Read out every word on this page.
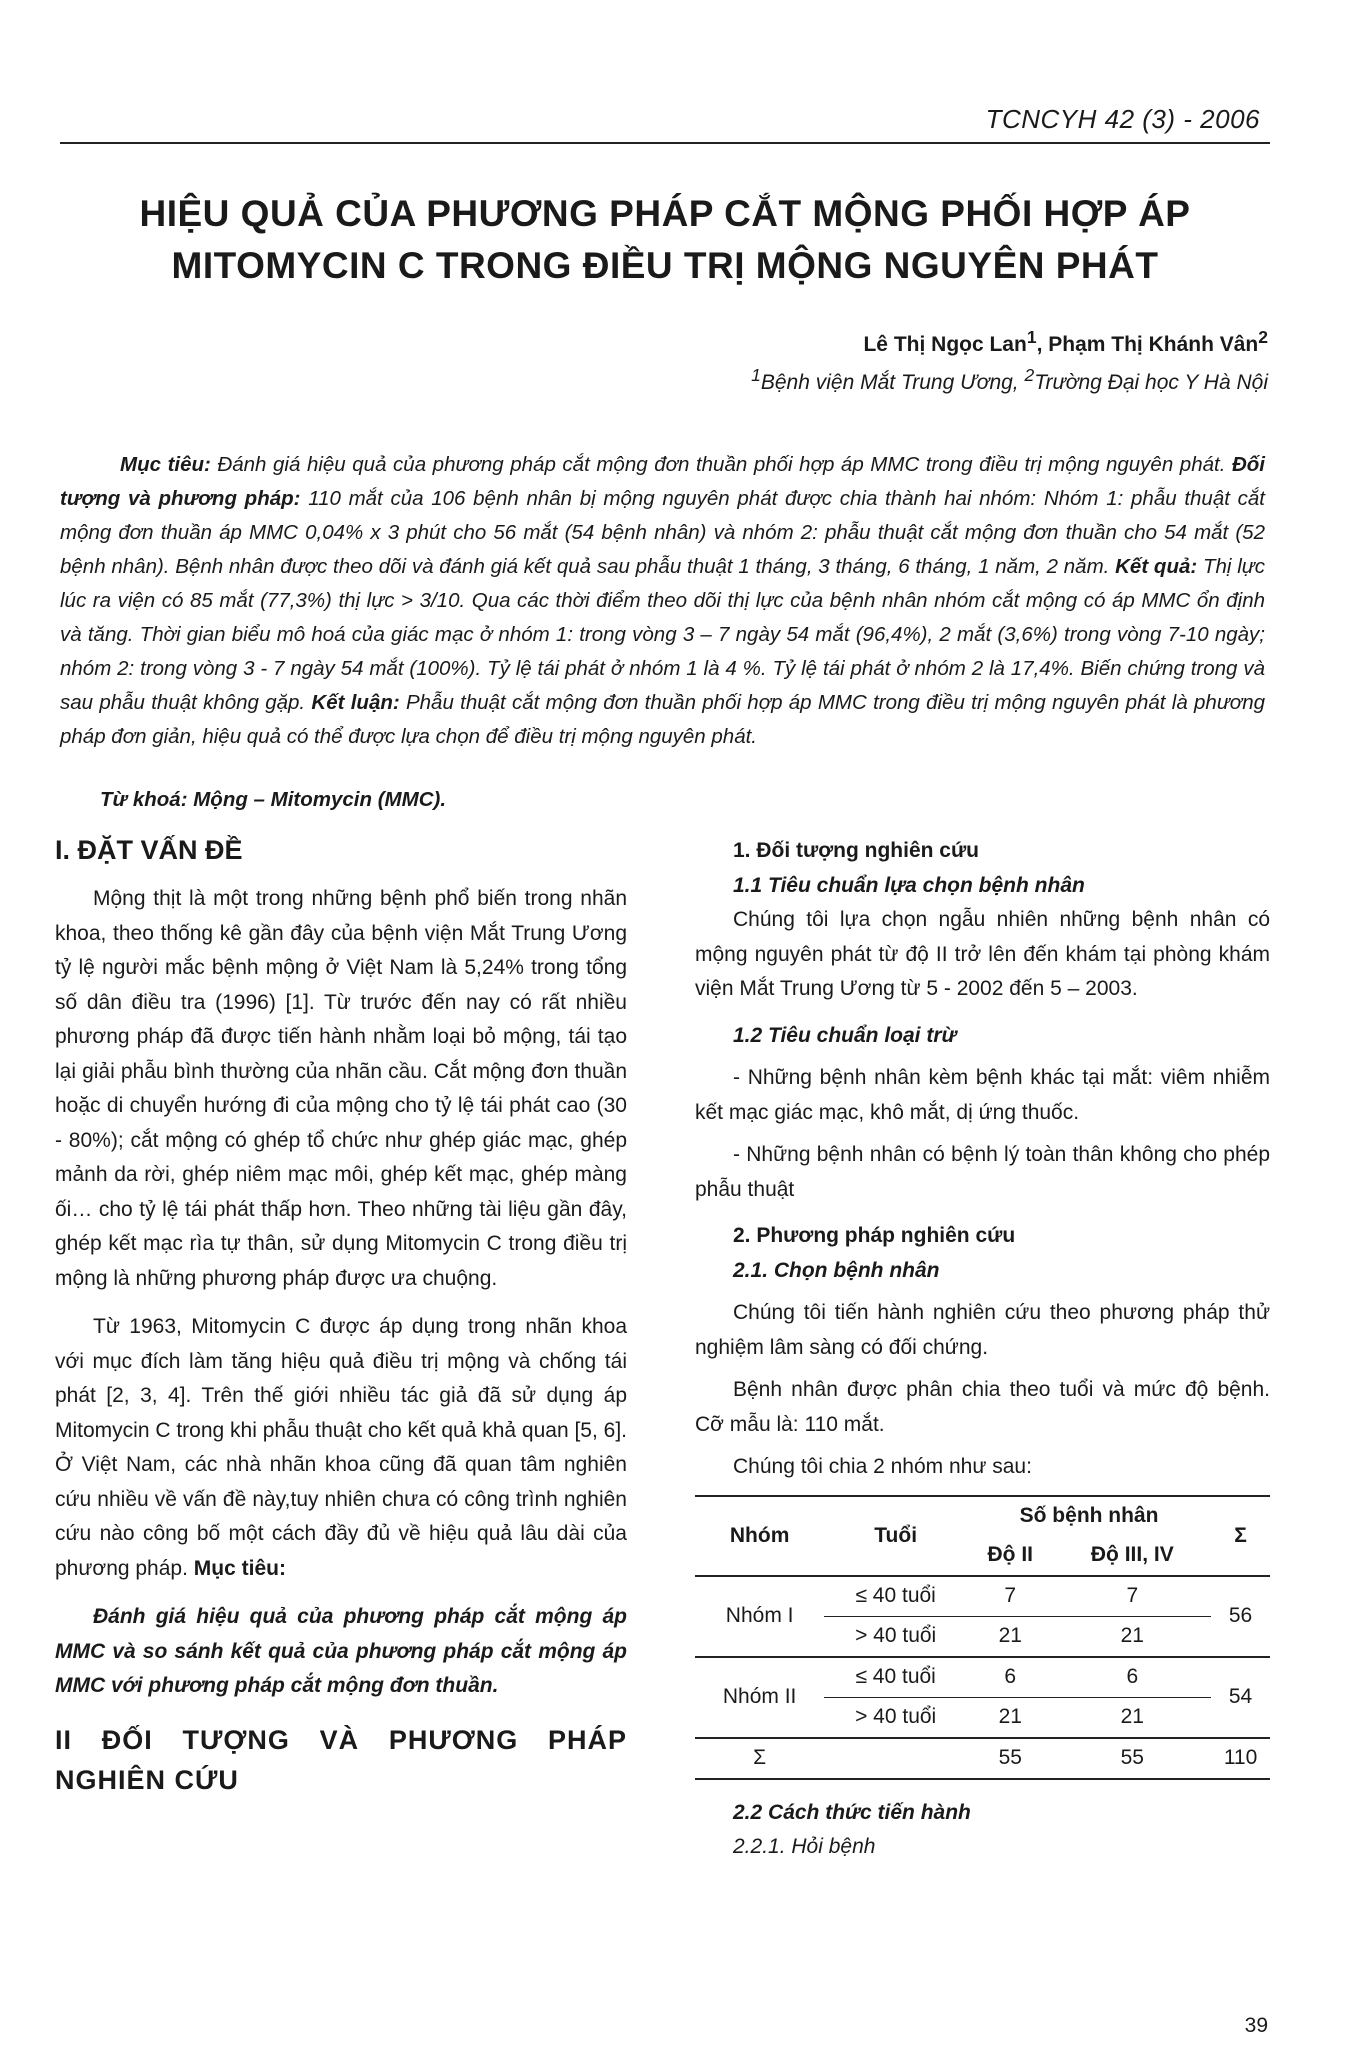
TCNCYH 42 (3) - 2006
HIỆU QUẢ CỦA PHƯƠNG PHÁP CẮT MỘNG PHỐI HỢP ÁP
MITOMYCIN C TRONG ĐIỀU TRỊ MỘNG NGUYÊN PHÁT
Lê Thị Ngọc Lan$^1$, Phạm Thị Khánh Vân$^2$
$^1$Bệnh viện Mắt Trung Ương, $^2$Trường Đại học Y Hà Nội
Mục tiêu: Đánh giá hiệu quả của phương pháp cắt mộng đơn thuần phối hợp áp MMC trong điều trị mộng nguyên phát. Đối tượng và phương pháp: 110 mắt của 106 bệnh nhân bị mộng nguyên phát được chia thành hai nhóm: Nhóm 1: phẫu thuật cắt mộng đơn thuần áp MMC 0,04% x 3 phút cho 56 mắt (54 bệnh nhân) và nhóm 2: phẫu thuật cắt mộng đơn thuần cho 54 mắt (52 bệnh nhân). Bệnh nhân được theo dõi và đánh giá kết quả sau phẫu thuật 1 tháng, 3 tháng, 6 tháng, 1 năm, 2 năm. Kết quả: Thị lực lúc ra viện có 85 mắt (77,3%) thị lực > 3/10. Qua các thời điểm theo dõi thị lực của bệnh nhân nhóm cắt mộng có áp MMC ổn định và tăng. Thời gian biểu mô hoá của giác mạc ở nhóm 1: trong vòng 3 – 7 ngày 54 mắt (96,4%), 2 mắt (3,6%) trong vòng 7-10 ngày; nhóm 2: trong vòng 3 - 7 ngày 54 mắt (100%). Tỷ lệ tái phát ở nhóm 1 là 4 %. Tỷ lệ tái phát ở nhóm 2 là 17,4%. Biến chứng trong và sau phẫu thuật không gặp. Kết luận: Phẫu thuật cắt mộng đơn thuần phối hợp áp MMC trong điều trị mộng nguyên phát là phương pháp đơn giản, hiệu quả có thể được lựa chọn để điều trị mộng nguyên phát.
Từ khoá: Mộng – Mitomycin (MMC).
I. ĐẶT VẤN ĐỀ

Mộng thịt là một trong những bệnh phổ biến trong nhãn khoa, theo thống kê gần đây của bệnh viện Mắt Trung Ương tỷ lệ người mắc bệnh mộng ở Việt Nam là 5,24% trong tổng số dân điều tra (1996) [1]. Từ trước đến nay có rất nhiều phương pháp đã được tiến hành nhằm loại bỏ mộng, tái tạo lại giải phẫu bình thường của nhãn cầu. Cắt mộng đơn thuần hoặc di chuyển hướng đi của mộng cho tỷ lệ tái phát cao (30 - 80%); cắt mộng có ghép tổ chức như ghép giác mạc, ghép mảnh da rời, ghép niêm mạc môi, ghép kết mạc, ghép màng ối… cho tỷ lệ tái phát thấp hơn. Theo những tài liệu gần đây, ghép kết mạc rìa tự thân, sử dụng Mitomycin C trong điều trị mộng là những phương pháp được ưa chuộng.

Từ 1963, Mitomycin C được áp dụng trong nhãn khoa với mục đích làm tăng hiệu quả điều trị mộng và chống tái phát [2, 3, 4]. Trên thế giới nhiều tác giả đã sử dụng áp Mitomycin C trong khi phẫu thuật cho kết quả khả quan [5, 6]. Ở Việt Nam, các nhà nhãn khoa cũng đã quan tâm nghiên cứu nhiều về vấn đề này,tuy nhiên chưa có công trình nghiên cứu nào công bố một cách đầy đủ về hiệu quả lâu dài của phương pháp. Mục tiêu:

Đánh giá hiệu quả của phương pháp cắt mộng áp MMC và so sánh kết quả của phương pháp cắt mộng áp MMC với phương pháp cắt mộng đơn thuần.

II ĐỐI TƯỢNG VÀ PHƯƠNG PHÁP NGHIÊN CỨU

1. Đối tượng nghiên cứu

1.1 Tiêu chuẩn lựa chọn bệnh nhân

Chúng tôi lựa chọn ngẫu nhiên những bệnh nhân có mộng nguyên phát từ độ II trở lên đến khám tại phòng khám viện Mắt Trung Ương từ 5 - 2002 đến 5 – 2003.

1.2 Tiêu chuẩn loại trừ

- Những bệnh nhân kèm bệnh khác tại mắt: viêm nhiễm kết mạc giác mạc, khô mắt, dị ứng thuốc.

- Những bệnh nhân có bệnh lý toàn thân không cho phép phẫu thuật

2. Phương pháp nghiên cứu

2.1. Chọn bệnh nhân

Chúng tôi tiến hành nghiên cứu theo phương pháp thử nghiệm lâm sàng có đối chứng.

Bệnh nhân được phân chia theo tuổi và mức độ bệnh. Cỡ mẫu là: 110 mắt.

Chúng tôi chia 2 nhóm như sau:

Nhóm	Tuổi	Số bệnh nhân		Σ
		Độ II	Độ III, IV	
Nhóm I	≤ 40 tuổi	7	7	56
	> 40 tuổi	21	21	
Nhóm II	≤ 40 tuổi	6	6	54
	> 40 tuổi	21	21	
Σ		55	55	110

2.2 Cách thức tiến hành

2.2.1. Hỏi bệnh

39
